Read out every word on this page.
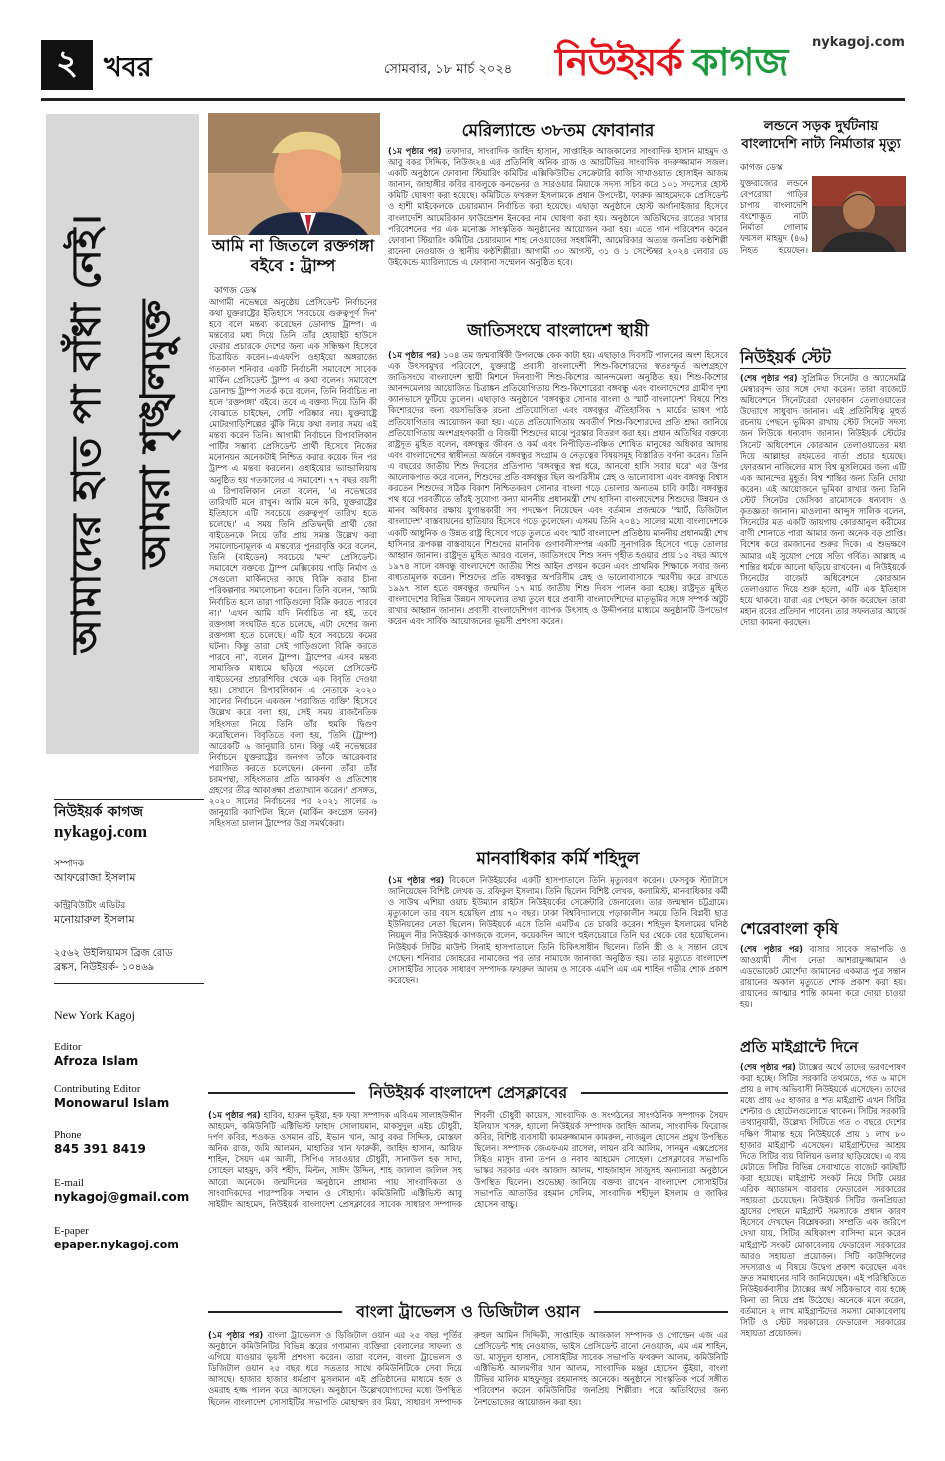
২ খবর	সোমবার, ১৮ মার্চ ২০২৪
nykagoj.com
নিউইয়র্ক কাগজ
আমাদের হাত পা বাঁধা নেই। আমরা শৃঙ্খলমুক্ত
নিউইয়র্ক কাগজ
nykagoj.com
সম্পাদক
আফরোজা ইসলাম
কন্ট্রিবিউটিং এডিটর
মনোয়ারুল ইসলাম
২৫৬২ উইলিয়ামস ব্রিজ রোড ব্রঙ্কস, নিউইয়র্ক- ১০৪৬৯
New York Kagoj
Editor
Afroza Islam
Contributing Editor
Monowarul Islam
Phone
845 391 8419
E-mail
nykagoj@gmail.com
E-paper
epaper.nykagoj.com
আমি না জিতলে রক্তগঙ্গা বইবে : ট্রাম্প
কাগজ ডেস্ক
আগামী নভেম্বরে অনুষ্ঠেয় প্রেসিডেন্ট নির্বাচনের কথা যুক্তরাষ্ট্রের ইতিহাসে 'সবচেয়ে গুরুত্বপূর্ণ দিন' হবে বলে মন্তব্য করেছেন ডোনাল্ড ট্রাম্প। এ মন্তব্যের মধ্য দিয়ে তিনি তাঁর হোয়াইট হাউসে ফেরার প্রচারকে দেশের জন্য এক সন্ধিক্ষণ হিসেবে চিত্রায়িত করেন।–এএফপি ওহাইয়ো অঙ্গরাজ্যে গতকাল শনিবার একটি নির্বাচনী সমাবেশে সাবেক মার্কিন প্রেসিডেন্ট ট্রাম্প এ কথা বলেন। সমাবেশে ডোনাল্ড ট্রাম্প সতর্ক করে বলেন, তিনি নির্বাচিত না হলে 'রক্তগঙ্গা' বইবে। তবে এ বক্তব্য দিয়ে তিনি কী বোঝাতে চাইছেন, সেটি পরিষ্কার নয়। যুক্তরাষ্ট্রে মোটরগাড়িশিল্পের ঝুঁকি নিয়ে কথা বলার সময় এই মন্তব্য করেন তিনি। আগামী নির্বাচনে রিপাবলিকান পার্টির সম্ভাব্য প্রেসিডেন্ট প্রার্থী হিসেবে নিজের মনোনয়ন অনেকটাই নিশ্চিত করার কয়েক দিন পর ট্রাম্প এ মন্তব্য করলেন। ওহাইয়োর ভ্যান্ডালিয়ায় অনুষ্ঠিত হয় গতকালের এ সমাবেশ। ৭৭ বছর বয়সী এ রিপাবলিকান নেতা বলেন, 'এ নভেম্বরের তারিখটি মনে রাখুন। আমি মনে করি, যুক্তরাষ্ট্রের ইতিহাসে এটি সবচেয়ে গুরুত্বপূর্ণ তারিখ হতে চলেছে।' এ সময় তিনি প্রতিদ্বন্দ্বী প্রার্থী জো বাইডেনকে নিয়ে তাঁর প্রায় সমস্ত উল্লেখ করা সমালোচনামূলক এ মন্তব্যের পুনরাবৃত্তি করে বলেন, তিনি (বাইডেন) সবচেয়ে 'মন্দ' প্রেসিডেন্ট। সমাবেশে বক্তব্যে ট্রাম্প মেক্সিকোয় গাড়ি নির্মাণ ও সেগুলো মার্কিনদের কাছে বিক্রি করার চীনা পরিকল্পনার সমালোচনা করেন। তিনি বলেন, 'আমি নির্বাচিত হলে তারা গাড়িগুলো বিক্রি করতে পারবে না।' 'এখন আমি যদি নির্বাচিত না হই, তবে রক্তগঙ্গা সংঘটিত হতে চলেছে, এটা দেশের জন্য রক্তগঙ্গা হতে চলেছে। এটি হবে সবচেয়ে কমের ঘটনা। কিন্তু তারা সেই গাড়িগুলো বিক্রি করতে পারবে না', বলেন ট্রাম্প। ট্রাম্পের এসব মন্তব্য সামাজিক মাধ্যমে ছড়িয়ে পড়লে প্রেসিডেন্ট বাইডেনের প্রচারশিবির থেকে এক বিবৃতি দেওয়া হয়। সেখানে রিপাবলিকান এ নেতাকে ২০২০ সালের নির্বাচনে একজন 'পরাজিত ব্যক্তি' হিসেবে উল্লেখ করে বলা হয়, সেই সময় রাজনৈতিক সহিংসতা নিয়ে তিনি তাঁর হুমকি দ্বিগুণ করেছিলেন। বিবৃতিতে বলা হয়, 'তিনি (ট্রাম্প) আরেকটি ৬ জানুয়ারি চান। কিন্তু এই নভেম্বরের নির্বাচনে যুক্তরাষ্ট্রের জনগণ তাঁকে আরেকবার পরাজিত করতে চলেছেন। কেননা তাঁরা তাঁর চরমপন্থা, সহিংসতার প্রতি আকর্ষণ ও প্রতিশোধ গ্রহণের তীব্র আকাঙ্ক্ষা প্রত্যাখ্যান করেন।' প্রসঙ্গত, ২০২০ সালের নির্বাচনের পর ২০২১ সালের ৬ জানুয়ারি ক্যাপিটল হিলে (মার্কিন কংগ্রেস ভবন) সহিংসতা চালান ট্রাম্পের উগ্র সমর্থকেরা।
মেরিল্যান্ডে ৩৮তম ফোবানার
(১ম পৃষ্ঠার পর) তফাদার, সাংবাদিক জাহিদ হাসান, সাপ্তাহিক আজকালের সাংবাদিক হাসান মাহমুদ ও আবু বকর সিদ্দিক, নিউজ২৪ এর প্রতিনিধি অনিক রাজ ও আরটিভির সাংবাদিক বদরুজ্জামান সজল। একটি অনুষ্ঠানে ফোবানা স্টিয়ারিং কমিটির এক্সিকিউটিভ সেক্রেটারি কাজি সাখাওয়াত হোসাইন আজম জানান, জাহাঙ্গীর কবির বাবলুকে কনভেনর ও সারওয়ার মিয়াকে সদস্য সচিব করে ১০১ সদস্যের হোস্ট কমিটি ঘোষণা করা হয়েছে। কমিটিতে ফখরুল ইসলামকে প্রধান উপদেষ্টা, ফারুক আহমেদকে প্রেসিডেন্ট ও হাশী মাইকেলকে চেয়ারম্যান নির্বাচিত করা হয়েছে। এছাড়া অনুষ্ঠানে হোস্ট অর্গানাইজার হিসেবে বাংলাদেশি আমেরিকান ফাউন্ডেশন ইনকের নাম ঘোষণা করা হয়। অনুষ্ঠানে অতিথিদের রাতের খাবার পরিবেশনের পর এক মনোজ্ঞ সাংস্কৃতিক অনুষ্ঠানের আয়োজন করা হয়। এতে গান পরিবেশন করেন ফোবানা স্টিয়ারিং কমিটির চেয়ারম্যান শাহ নেওয়াজের সহধর্মিনী, আমেরিকার অত্যন্ত জনপ্রিয় কণ্ঠশিল্পী রানেনা নেওয়াজ ও স্থানীয় কণ্ঠশিল্পীরা। আগামী ৩০ আগস্ট, ৩১ ও ১ সেপ্টেম্বর ২০২৪ লেবার ডে উইকেন্ডে ম্যারিল্যান্ডে এ ফোবানা সম্মেলন অনুষ্ঠিত হবে।
জাতিসংঘে বাংলাদেশ স্থায়ী
(১ম পৃষ্ঠার পর) ১০৪ তম জন্মবার্ষিকী উপলক্ষে কেক কাটা হয়। এছাড়াও দিবসটি পালনের অংশ হিসেবে এক উৎসবমুখর পরিবেশে, যুক্তরাষ্ট্র প্রবাসী বাংলাদেশী শিশু-কিশোরদের স্বতঃস্ফূর্ত অংশগ্রহণে জাতিসংঘে বাংলাদেশ স্থায়ী মিশনে দিনব্যাপী শিশু-কিশোর আনন্দমেলা অনুষ্ঠিত হয়। শিশু-কিশোর আনন্দমেলায় আয়োজিত চিত্রাঙ্কন প্রতিযোগিতায় শিশু-কিশোরেরা বঙ্গবন্ধু এবং বাংলাদেশের গ্রামীণ দৃশ্য ক্যানভাসে ফুটিয়ে তুলেন। এছাড়াও অনুষ্ঠানে 'বঙ্গবন্ধুর সোনার বাংলা ও স্মার্ট বাংলাদেশ' বিষয়ে শিশু কিশোরদের জন্য বয়সভিত্তিক রচনা প্রতিযোগিতা এবং বঙ্গবন্ধুর ঐতিহাসিক ৭ মার্চের ভাষণ পাঠ প্রতিযোগিতার আয়োজন করা হয়। এতে প্রতিযোগিতায় অবতীর্ণ শিশু-কিশোরদের প্রতি শ্রদ্ধা জানিয়ে প্রতিযোগিতায় অংশগ্রহণকারী ও বিজয়ী শিশুদের মাঝে পুরস্কার বিতরণ করা হয়। প্রধান অতিথির বক্তব্যে রাষ্ট্রদূত মুহিত বলেন, বঙ্গবন্ধুর জীবন ও কর্ম এবং নিপীড়িত-বঞ্চিত শোষিত মানুষের অধিকার আদায় এবং বাংলাদেশের স্বাধীনতা অর্জনে বঙ্গবন্ধুর সংগ্রাম ও নেতৃত্বের বিষয়সমূহ বিস্তারিত বর্ণনা করেন। তিনি এ বছরের জাতীয় শিশু দিবসের প্রতিপাদ্য 'বঙ্গবন্ধুর স্বপ্ন ধরে, আনবো হাসি সবার ঘরে' এর উপর আলোকপাত করে বলেন, শিশুদের প্রতি বঙ্গবন্ধুর ছিল অপরিসীম স্নেহ ও ভালোবাসা এবং বঙ্গবন্ধু বিশ্বাস করতেন শিশুদের সঠিক বিকাশ নিশ্চিতকরণ সোনার বাংলা গড়ে তোলার অন্যতম চাবি কাঠি। বঙ্গবন্ধুর পথ ধরে পরবর্তীতে তাঁরই সুযোগ্য কন্যা মাননীয় প্রধানমন্ত্রী শেখ হাসিনা বাংলাদেশের শিশুদের উন্নয়ন ও মানব অধিকার রক্ষায় যুগান্তকারী সব পদক্ষেপ নিয়েছেন এবং বর্তমান প্রজন্মকে 'স্মার্ট, ডিজিটাল বাংলাদেশ' বাস্তবায়নের হাতিয়ার হিসেবে গড়ে তুলেছেন। এসময় তিনি ২০৪১ সালের মধ্যে বাংলাদেশকে একটি আধুনিক ও উন্নত রাষ্ট্র হিসেবে গড়ে তুলতে এবং স্মার্ট বাংলাদেশ প্রতিষ্ঠায় মাননীয় প্রধানমন্ত্রী শেখ হাসিনার রূপকল্প বাস্তবায়নে শিশুদের মানবিক গুণাবলীসম্পন্ন একটি সুনাগরিক হিসেবে গড়ে তোলার আহ্বান জানান। রাষ্ট্রদূত মুহিত আরও বলেন, জাতিসংঘে শিশু সনদ গৃহীত হওয়ার প্রায় ১৫ বছর আগে ১৯৭৪ সালে বঙ্গবন্ধু বাংলাদেশে জাতীয় শিশু আইন প্রণয়ন করেন এবং প্রাথমিক শিক্ষাকে সবার জন্য বাধ্যতামূলক করেন। শিশুদের প্রতি বঙ্গবন্ধুর অপরিসীম স্নেহ ও ভালোবাসাকে স্মরণীয় করে রাখতে ১৯৯৭ সাল হতে বঙ্গবন্ধুর জন্মদিন ১৭ মার্চ জাতীয় শিশু দিবস পালন করা হচ্ছে। রাষ্ট্রদূত মুহিত বাংলাদেশের বিভিন্ন উন্নয়ন সাফল্যের তথ্য তুলে ধরে প্রবাসী বাংলাদেশিদের মাতৃভূমির সঙ্গে সম্পর্ক অটুট রাখার আহ্বান জানান। প্রবাসী বাংলাদেশিগণ ব্যাপক উৎসাহ ও উদ্দীপনার মাধ্যমে অনুষ্ঠানটি উপভোগ করেন এবং সার্বিক আয়োজনের ভূয়সী প্রশংসা করেন।
মানবাধিকার কর্মি শহিদুল
(১ম পৃষ্ঠার পর) বিকেলে নিউইয়র্কের একটি হাসপাতালে তিনি মৃত্যুবরণ করেন। ফেসবুক স্ট্যাটাসে জানিয়েছেন বিশিষ্ট লেখক ড. রফিকুল ইসলাম। তিনি ছিলেন বিশিষ্ট লেখক, কলামিস্ট, মানবাধিকার কর্মী ও সাউথ এশিয়া ওয়াচ ইউম্যান রাইটস নিউইয়র্কের সেক্রেটারি জেনারেল। তার জন্মস্থান চট্টগ্রামে। মৃত্যুকালে তার বয়স হয়েছিল প্রায় ৭০ বছর। ঢাকা বিশ্ববিদ্যালয়ে পড়াকালীন সময়ে তিনি বিপ্লবী ছাত্র ইউনিয়নের নেতা ছিলেন। নিউইয়র্কে এসে তিনি এমটিএ তে চাকরি করেন। শহিদুল ইসলামের ঘনিষ্ঠ নিয়মুল নীর নিউইয়র্ক কাগজকে বলেন, কয়েকদিন আগে হুইলচেয়ারে তিনি ঘর থেকে বের হয়েছিলেন। নিউইয়র্ক সিটির মাউন্ট সিনাই হাসপাতালে তিনি চিকিৎসাধীন ছিলেন। তিনি স্ত্রী ও ২ সন্তান রেখে গেছেন। শনিবার জোহরের নামাজের পর তার নামাজে জানাজা অনুষ্ঠিত হয়। তার মৃত্যুতে বাংলাদেশ সোসাইটির সাবেক সাধারণ সম্পাদক ফখরুল আলম ও সাবেক এমপি এম এম শাহিন গভীর শোক প্রকাশ করেছেন।
নিউইয়র্ক বাংলাদেশ প্রেসক্লাবের
(১ম পৃষ্ঠার পর) হাবিব, হারুন ভূইয়া, হক ফয়া সম্পাদক এবিএম সালাহউদ্দীন আহমেদ, কমিউনিটি এক্টিভিস্ট ফাহাদ সোলায়মান, মাকসুদুল এইচ চৌধুরী, দর্পণ কবির, শওকত ওসমান রচি, ইভান খান, আবু বকর সিদ্দিক, মোস্তফা অনিক রাজ, জমি আলমন, মাহাতির খান ফারুকী, জাহিদ হাসান, আরিফ শাহিন, সৈয়দ এম আলী, সিপিএ সারওয়ার চৌধুরী, সানাউল হক সাদা, সোহেল মাহমুদ, কবি শহীদ, মিল্টন, সাঈদ উদ্দিন, শাহ জালাল জলিল সহ আরো অনেকে। জন্মদিনের অনুষ্ঠানে প্রাধান্য পায় সাংবাদিকতা ও সাংবাদিকদের পারস্পরিক সম্মান ও সৌহার্দ্য। কমিউনিটি এক্টিভিস্ট আবু সাইয়ীদ আহমেদ, নিউইয়র্ক বাংলাদেশ প্রেসক্লাবের সাবেক সাধারণ সম্পাদক শিবলী চৌধুরী কায়েস, সাংবাদিক ও সংগঠনের সাংগঠনিক সম্পাদক সৈয়দ ইলিয়াস খসরু, হ্যালো নিউইয়র্ক সম্পাদক জাহিদ আলম, সাংবাদিক ফিরোজ কবির, বিশিষ্ট ব্যবসায়ী কামরুজ্জামান কামরুল, নাজমুল হোসেন প্রমুখ উপস্থিত ছিলেন। সম্পাদক জেএফএম রাসেল, লায়ন রবি আলিম, সানমুন এক্সপ্রেসের সিইও মাসুদ রানা তপন ও নবাব আহমেদ সোহেল। প্রেসক্লাবের সভাপতি ভাস্কর সরকার এবং আজাদ আলম, শাহজাহান সাজুসহ অন্যান্যরা অনুষ্ঠানে উপস্থিত ছিলেন। শুভেচ্ছা জানিয়ে বক্তব্য রাখেন বাংলাদেশ সোসাইটির সভাপতি আতাউর রহমান সেলিম, সাংবাদিক শহীদুল ইসলাম ও জাকির হোসেন বাচ্চু।
বাংলা ট্রাভেলস ও ডিজিটাল ওয়ান
(১ম পৃষ্ঠার পর) বাংলা ট্রাভেলস ও ডিজিটাল ওয়ান এর ২৫ বছর পূর্তির অনুষ্ঠানে কমিউনিটির বিভিন্ন স্তরের গণ্যমান্য ব্যক্তিরা বেলালের সাফল্য ও এগিয়ে যাওয়ার ভূয়সী প্রশংসা করেন। তারা বলেন, বাংলা ট্রাভেলস ও ডিজিটাল ওয়ান ২৫ বছর ধরে সততার সাথে কমিউনিটিকে সেবা দিয়ে আসছে। হাজার হাজার ধর্মপ্রাণ মুসলমান এই প্রতিষ্ঠানের মাধ্যমে হজ ও ওমরাহ হজ্জ পালন করে আসছেন। অনুষ্ঠানে উল্লেখযোগ্যদের মধ্যে উপস্থিত ছিলেন বাংলাদেশ সোসাইটির সভাপতি মোহাম্মদ রব মিয়া, সাধারণ সম্পাদক রুহুল আমিন সিদ্দিকী, সাপ্তাহিক আজকাল সম্পাদক ও গোল্ডেন এজ এর প্রেসিডেন্ট শাহ নেওয়াজ, ভাইস প্রেসিডেন্ট রানো নেওয়াজ, এম এম শাহিন, ডা. মাসুদুল হাসান, সোসাইটির সাবেক সভাপতি ফখরুল আলম, কমিউনিটি এক্টিভিস্ট আলমগীর খান আলম, সাংবাদিক মঞ্জুর হোসেন ভুঁইয়া, বাংলা টিভির মালিক মাহফুজুর রহমানসহ অনেকে। অনুষ্ঠানে সাংস্কৃতিক পর্বে সঙ্গীত পরিবেশন করেন কমিউনিটির জনপ্রিয় শিল্পীরা। পরে অতিথিদের জন্য নৈশভোজের আয়োজন করা হয়।
লন্ডনে সড়ক দুর্ঘটনায় বাংলাদেশি নাট্য নির্মাতার মৃত্যু
কাগজ ডেস্ক
যুক্তরাজ্যের লন্ডনে বেপরোয়া গাড়ির চাপায় বাংলাদেশি বংশোদ্ভূত নাট্য নির্মাতা গোলাম ফয়সল মাহমুদ (৪৬) নিহত হয়েছেন।
নিউইয়র্ক স্টেট
(শেষ পৃষ্ঠার পর) সুপ্রিমিত সিনেটর ও অ্যাসেমব্লি মেম্বারবৃন্দ তার সঙ্গে দেখা করেন। তারা বাজেটে অধিবেশনে সিনেটরেরা ফোরকান তেলাওয়াতের উদ্যোগে সাধুবাদ জানান। এই প্রতিনিধিত্ব মূহুর্ত রচনায় পেছনে ভূমিকা রাখায় স্টেট সিনেট সদস্য জন লিউকে ধন্যবাদ জানান। নিউইয়র্ক স্টেটের সিনেট অধিবেশনে কোরআন তেলাওয়াতের মধ্য দিয়ে আল্লাহর রহমতের বার্তা প্রচার হয়েছে। ফোরআন নাজিলের মাস বিশ্ব মুসলিমের জন্য এটি এক আনন্দের মুহূর্ত। বিশ্ব শান্তির জন্য তিনি দোয়া করেন। এই আয়োজনে ভূমিকা রাখার জন্য তিনি স্টেট সিনেটর জেসিকা রামোসকে ধন্যবাদ ও কৃতজ্ঞতা জানান। মাওলানা আব্দুস সালিক বলেন, সিনেটের মত একটি জায়গায় কোরআনুল করীমের বাণী শোনাতে পারা আমার জন্য অনেক বড় প্রাপ্তি। বিশেষ করে রমজানের শুরুর দিকে। এ শুভক্ষণে আমার এই সুযোগ পেয়ে সত্যি গর্বিত। আল্লাহ এ শান্তির ধর্মকে আলো ছড়িয়ে রাখবেন। এ নিউইয়র্কে সিনেটের বাজেট অধিবেশনে কোরআন তেলাওয়াত দিয়ে শুরু হলো, এটি এক ইতিহাস হয়ে থাকবে। যারা এর পেছনে কাজ করেছেন তারা মহান রবের প্রতিদান পাবেন। তার সফলতার আর্জে দোয়া কামনা করছেন।
শেরেবাংলা কৃষি
(শেষ পৃষ্ঠার পর) বাসার সাবেক সভাপতি ও আওয়ামী লীগ নেতা আশরাফুজ্জামান ও এডভোকেট মোর্শেদা জামানের একমাত্র পুত্র সন্তান রায়ানের অকাল মৃত্যুতে শোক প্রকাশ করা হয়। রায়ানের আত্মার শান্তি কামনা করে দোয়া চাওয়া হয়।
প্রতি মাইগ্রান্টে দিনে
(শেষ পৃষ্ঠার পর) ট্যাক্সের অর্থে তাদের ভরণপোষণ করা হচ্ছে। সিটির সরকারি তথ্যমতে, গত ৬ মাসে প্রায় ৪ লাখ অভিবাসী নিউইয়র্কে এসেছেন। তাদের মধ্যে প্রায় ৬৫ হাজার ৪ শত মাইগ্রান্ট এখন সিটির শেল্টার ও হোটেলগুলোতে থাকেন। সিটির সরকারি তথ্যানুযায়ী, উল্লেখ্য সিটিতে গত ৩ বছরে দেশের দক্ষিণ সীমান্ত হয়ে নিউইয়র্কে প্রায় ১ লাখ ৮০ হাজার মাইগ্রান্ট এসেছেন। মাইগ্রান্টদের আশ্রয় দিতে সিটির ব্যয় বিলিয়ন ডলার ছাড়িয়েছে। এ ব্যয় মেটাতে সিটির বিভিন্ন সেবাখাতে বাজেট কাটছাঁট করা হয়েছে। মাইগ্রান্ট সংকট নিয়ে সিটি মেয়র এরিক অ্যাডামস বারবার ফেডারেল সরকারের সহায়তা চেয়েছেন। নিউইয়র্ক সিটির জনপ্রিয়তা হ্রাসের পেছনে মাইগ্রান্ট সমস্যাকে প্রধান কারণ হিসেবে দেখছেন বিশ্লেষকরা। সম্প্রতি এক জরিপে দেখা যায়, সিটির অধিকাংশ বাসিন্দা মনে করেন মাইগ্রান্ট সংকট মোকাবেলায় ফেডারেল সরকারের আরও সহায়তা প্রয়োজন। সিটি কাউন্সিলের সদস্যরাও এ বিষয়ে উদ্বেগ প্রকাশ করেছেন এবং দ্রুত সমাধানের দাবি জানিয়েছেন। এই পরিস্থিতিতে নিউইয়র্কবাসীর ট্যাক্সের অর্থ সঠিকভাবে ব্যয় হচ্ছে কিনা তা নিয়ে প্রশ্ন উঠেছে। অনেকে মনে করেন, বর্তমানে ২ লাখ মাইগ্রান্টদের সমস্যা মোকাবেলায় সিটি ও স্টেট সরকারের ফেডারেল সরকারের সহায়তা প্রয়োজন।
